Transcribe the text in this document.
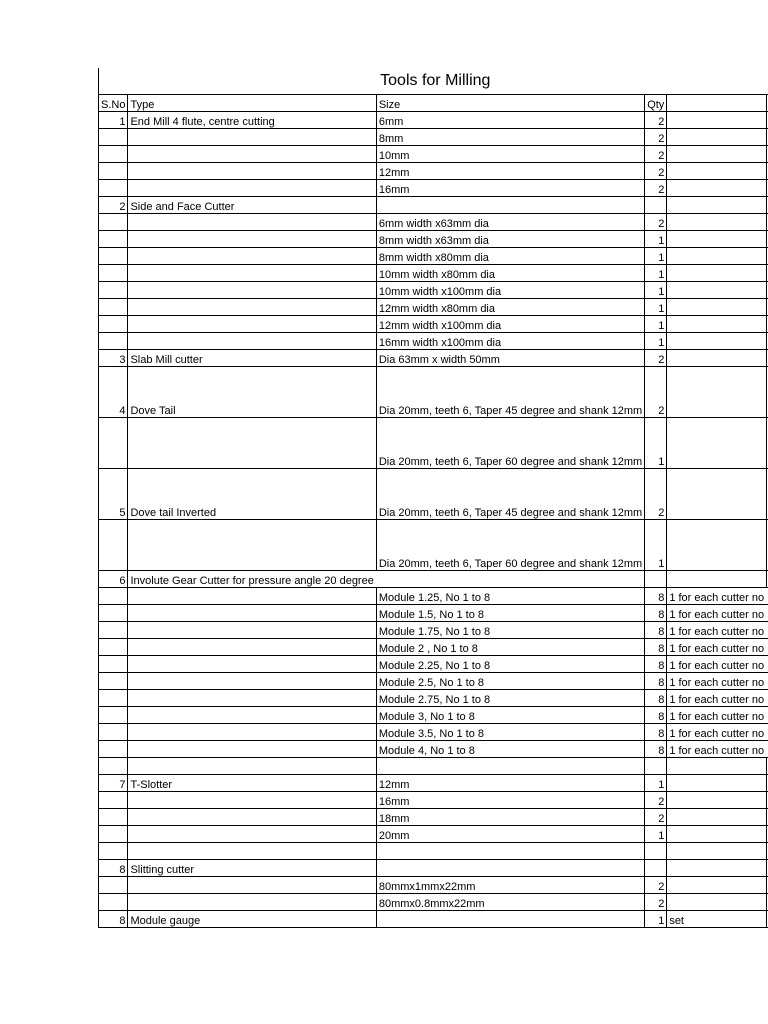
Tools for Milling					
S.No	Type	Size	Qty		
1	End Mill 4 flute, centre cutting	6mm	2		
		8mm	2		
		10mm	2		
		12mm	2		
		16mm	2		
2	Side and Face Cutter				
		6mm width x63mm dia	2		
		8mm width x63mm dia	1		
		8mm width x80mm dia	1		
		10mm width x80mm dia	1		
		10mm width x100mm dia	1		
		12mm width x80mm dia	1		
		12mm width x100mm dia	1		
		16mm width x100mm dia	1		
3	Slab Mill cutter	Dia 63mm x width 50mm	2		
4	Dove Tail	Dia 20mm, teeth 6, Taper 45 degree and shank 12mm	2		
		Dia 20mm, teeth 6, Taper 60 degree and shank 12mm	1		
5	Dove tail Inverted	Dia 20mm, teeth 6, Taper 45 degree and shank 12mm	2		
		Dia 20mm, teeth 6, Taper 60 degree and shank 12mm	1		
6	Involute Gear Cutter for pressure angle 20 degree				
		Module 1.25, No 1 to 8	8	1 for each cutter no	
		Module 1.5, No 1 to 8	8	1 for each cutter no	
		Module 1.75, No 1 to 8	8	1 for each cutter no	
		Module 2 , No 1 to 8	8	1 for each cutter no	
		Module 2.25, No 1 to 8	8	1 for each cutter no	
		Module 2.5, No 1 to 8	8	1 for each cutter no	
		Module 2.75, No 1 to 8	8	1 for each cutter no	
		Module 3, No 1 to 8	8	1 for each cutter no	
		Module 3.5, No 1 to 8	8	1 for each cutter no	
		Module 4, No 1 to 8	8	1 for each cutter no	

7	T-Slotter	12mm	1		
		16mm	2		
		18mm	2		
		20mm	1		

8	Slitting cutter				
		80mmx1mmx22mm	2		
		80mmx0.8mmx22mm	2		
8	Module gauge		1	set	
